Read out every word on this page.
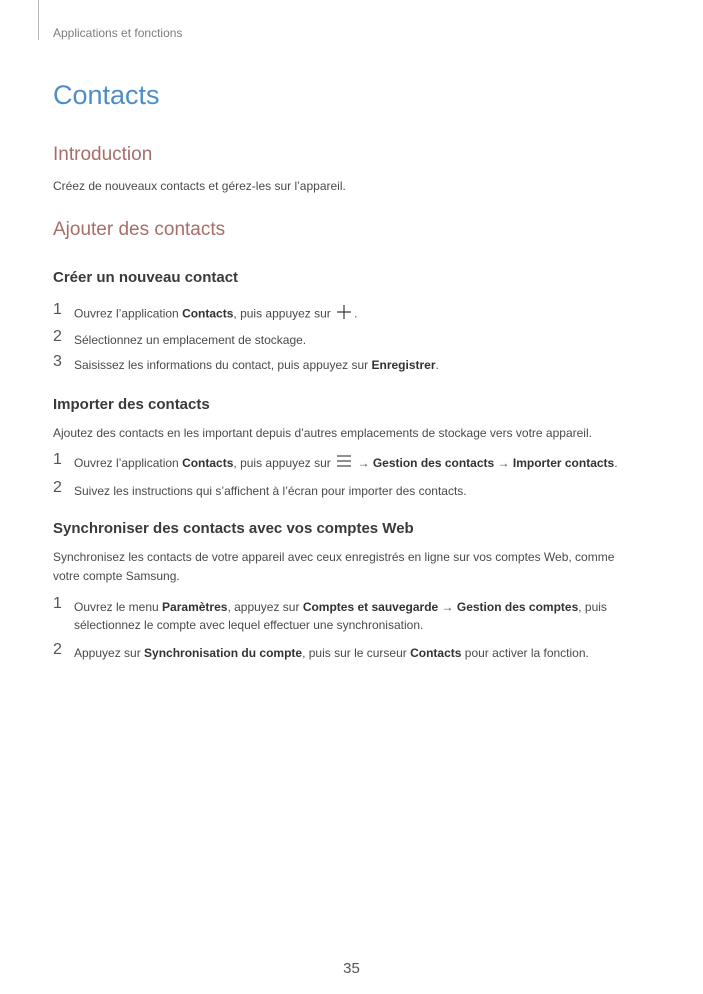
Applications et fonctions
Contacts
Introduction

Créez de nouveaux contacts et gérez-les sur l’appareil.

Ajouter des contacts
Créer un nouveau contact
1 Ouvrez l’application Contacts, puis appuyez sur .
2 Sélectionnez un emplacement de stockage.
3 Saisissez les informations du contact, puis appuyez sur Enregistrer.
Importer des contacts

Ajoutez des contacts en les important depuis d’autres emplacements de stockage vers votre appareil.

1 Ouvrez l’application Contacts, puis appuyez sur  → Gestion des contacts → Importer contacts.
2 Suivez les instructions qui s’affichent à l’écran pour importer des contacts.
Synchroniser des contacts avec vos comptes Web

Synchronisez les contacts de votre appareil avec ceux enregistrés en ligne sur vos comptes Web, comme votre compte Samsung.

1 Ouvrez le menu Paramètres, appuyez sur Comptes et sauvegarde → Gestion des comptes, puis sélectionnez le compte avec lequel effectuer une synchronisation.
2 Appuyez sur Synchronisation du compte, puis sur le curseur Contacts pour activer la fonction.
35
